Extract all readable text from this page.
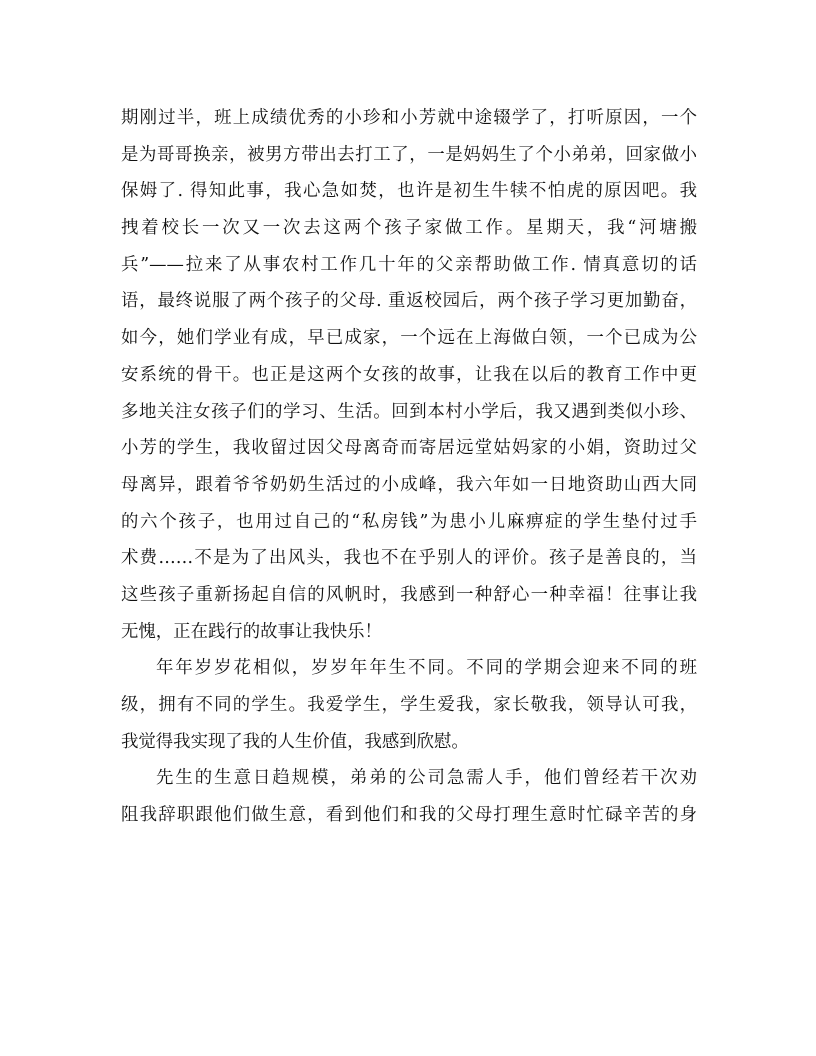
期刚过半，班上成绩优秀的小珍和小芳就中途辍学了，打听原因，一个
是为哥哥换亲，被男方带出去打工了，一是妈妈生了个小弟弟，回家做小
保姆了. 得知此事，我心急如焚，也许是初生牛犊不怕虎的原因吧。我
拽着校长一次又一次去这两个孩子家做工作。星期天，我“河塘搬
兵”——拉来了从事农村工作几十年的父亲帮助做工作. 情真意切的话
语，最终说服了两个孩子的父母. 重返校园后，两个孩子学习更加勤奋，
如今，她们学业有成，早已成家，一个远在上海做白领，一个已成为公
安系统的骨干。也正是这两个女孩的故事，让我在以后的教育工作中更
多地关注女孩子们的学习、生活。回到本村小学后，我又遇到类似小珍、
小芳的学生，我收留过因父母离奇而寄居远堂姑妈家的小娟，资助过父
母离异，跟着爷爷奶奶生活过的小成峰，我六年如一日地资助山西大同
的六个孩子，也用过自己的“私房钱”为患小儿麻痹症的学生垫付过手
术费……不是为了出风头，我也不在乎别人的评价。孩子是善良的，当
这些孩子重新扬起自信的风帆时，我感到一种舒心一种幸福！往事让我
无愧，正在践行的故事让我快乐！
年年岁岁花相似，岁岁年年生不同。不同的学期会迎来不同的班
级，拥有不同的学生。我爱学生，学生爱我，家长敬我，领导认可我，
我觉得我实现了我的人生价值，我感到欣慰。
先生的生意日趋规模，弟弟的公司急需人手，他们曾经若干次劝
阻我辞职跟他们做生意，看到他们和我的父母打理生意时忙碌辛苦的身
